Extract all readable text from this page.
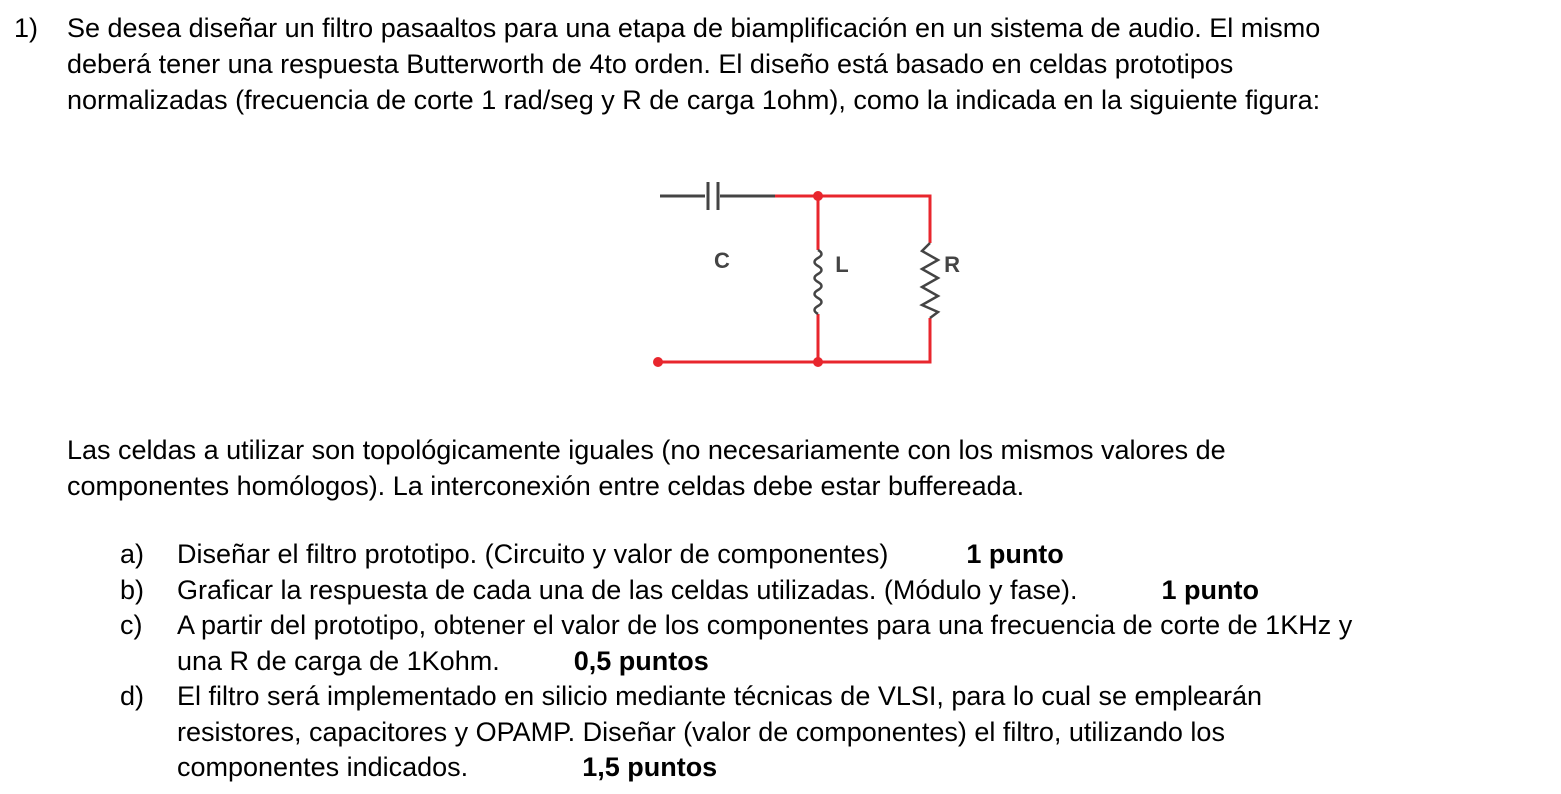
1) Se desea diseñar un filtro pasaaltos para una etapa de biamplificación en un sistema de audio. El mismo
deberá tener una respuesta Butterworth de 4to orden. El diseño está basado en celdas prototipos
normalizadas (frecuencia de corte 1 rad/seg y R de carga 1ohm), como la indicada en la siguiente figura:

C	L	R

Las celdas a utilizar son topológicamente iguales (no necesariamente con los mismos valores de
componentes homólogos). La interconexión entre celdas debe estar buffereada.

a) Diseñar el filtro prototipo. (Circuito y valor de componentes)	1 punto
b) Graficar la respuesta de cada una de las celdas utilizadas. (Módulo y fase).	1 punto
c) A partir del prototipo, obtener el valor de los componentes para una frecuencia de corte de 1KHz y
una R de carga de 1Kohm.	0,5 puntos
d) El filtro será implementado en silicio mediante técnicas de VLSI, para lo cual se emplearán
resistores, capacitores y OPAMP. Diseñar (valor de componentes) el filtro, utilizando los
componentes indicados.	1,5 puntos
